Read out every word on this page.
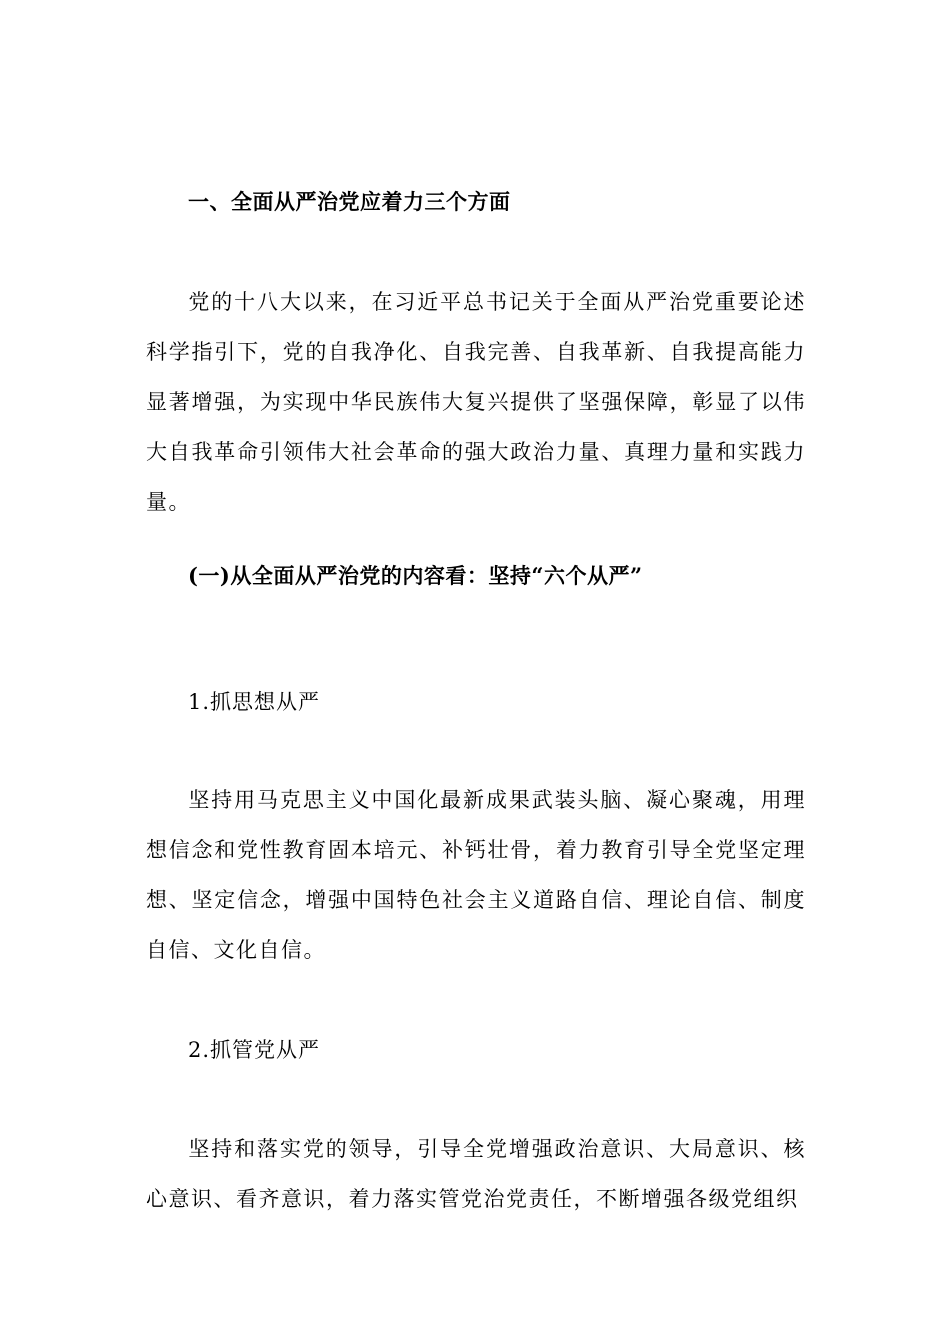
一、全面从严治党应着力三个方面

党的十八大以来，在习近平总书记关于全面从严治党重要论述科学指引下，党的自我净化、自我完善、自我革新、自我提高能力显著增强，为实现中华民族伟大复兴提供了坚强保障，彰显了以伟大自我革命引领伟大社会革命的强大政治力量、真理力量和实践力量。

(一)从全面从严治党的内容看：坚持“六个从严”
1.抓思想从严

坚持用马克思主义中国化最新成果武装头脑、凝心聚魂，用理想信念和党性教育固本培元、补钙壮骨，着力教育引导全党坚定理想、坚定信念，增强中国特色社会主义道路自信、理论自信、制度自信、文化自信。

2.抓管党从严

坚持和落实党的领导，引导全党增强政治意识、大局意识、核心意识、看齐意识，着力落实管党治党责任，不断增强各级党组织
